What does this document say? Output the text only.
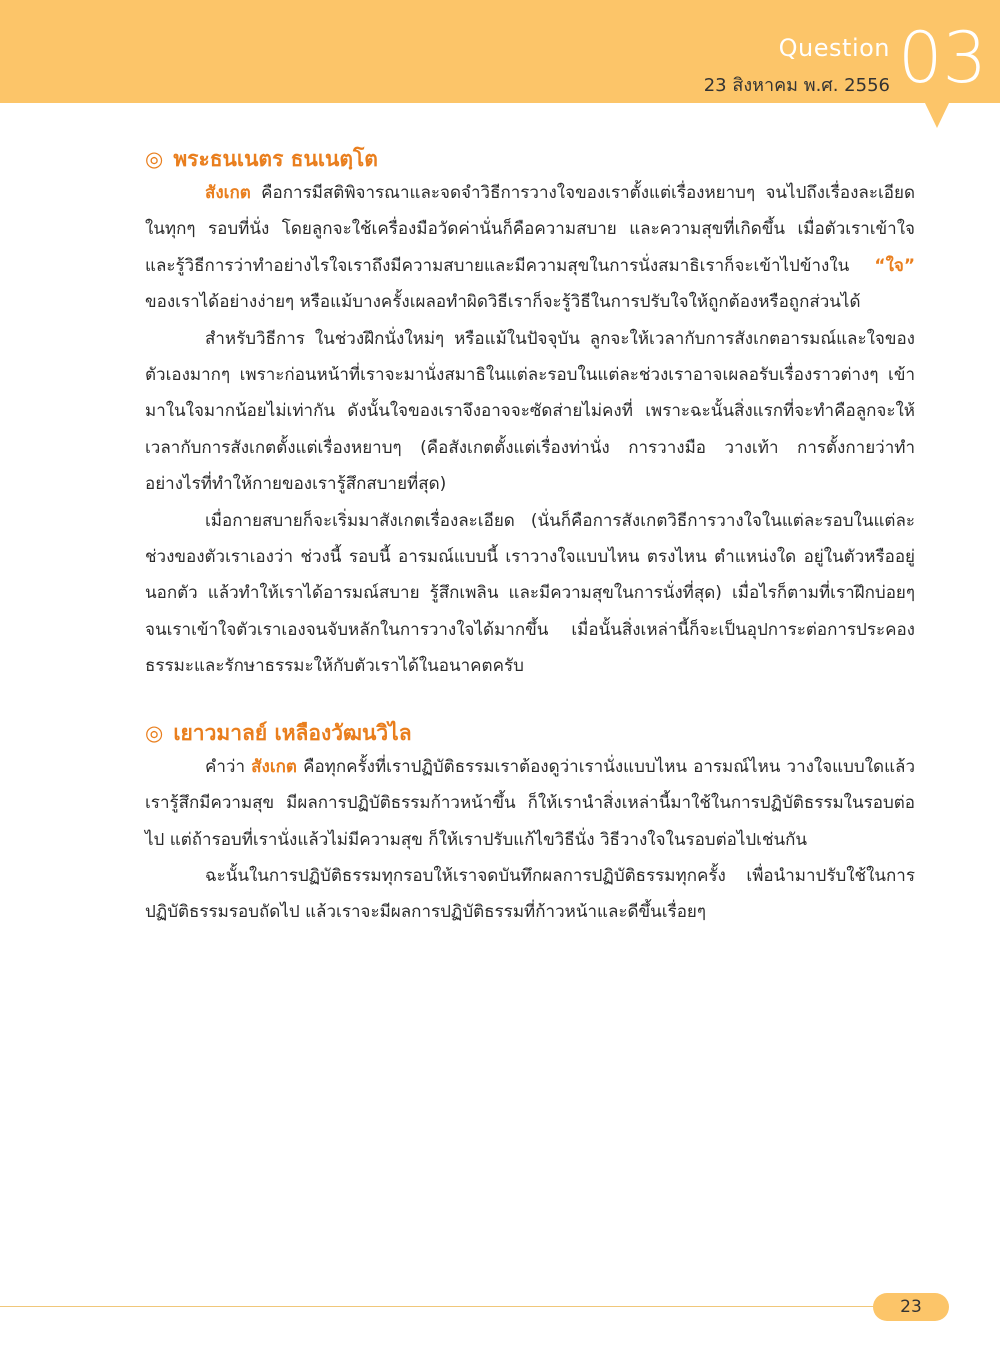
Question
23 สิงหาคม พ.ศ. 2556 03
◎ พระธนเนตร ธนเนตฺโต

สังเกต คือการมีสติพิจารณาและจดจำวิธีการวางใจของเราตั้งแต่เรื่องหยาบๆ จนไปถึงเรื่องละเอียดในทุกๆ รอบที่นั่ง โดยลูกจะใช้เครื่องมือวัดค่านั่นก็คือความสบาย และความสุขที่เกิดขึ้น เมื่อตัวเราเข้าใจและรู้วิธีการว่าทำอย่างไรใจเราถึงมีความสบายและมีความสุขในการนั่งสมาธิเราก็จะเข้าไปข้างใน “ใจ” ของเราได้อย่างง่ายๆ หรือแม้บางครั้งเผลอทำผิดวิธีเราก็จะรู้วิธีในการปรับใจให้ถูกต้องหรือถูกส่วนได้

สำหรับวิธีการ ในช่วงฝึกนั่งใหม่ๆ หรือแม้ในปัจจุบัน ลูกจะให้เวลากับการสังเกตอารมณ์และใจของตัวเองมากๆ เพราะก่อนหน้าที่เราจะมานั่งสมาธิในแต่ละรอบในแต่ละช่วงเราอาจเผลอรับเรื่องราวต่างๆ เข้ามาในใจมากน้อยไม่เท่ากัน ดังนั้นใจของเราจึงอาจจะซัดส่ายไม่คงที่ เพราะฉะนั้นสิ่งแรกที่จะทำคือลูกจะให้เวลากับการสังเกตตั้งแต่เรื่องหยาบๆ (คือสังเกตตั้งแต่เรื่องท่านั่ง การวางมือ วางเท้า การตั้งกายว่าทำอย่างไรที่ทำให้กายของเรารู้สึกสบายที่สุด)

เมื่อกายสบายก็จะเริ่มมาสังเกตเรื่องละเอียด (นั่นก็คือการสังเกตวิธีการวางใจในแต่ละรอบในแต่ละช่วงของตัวเราเองว่า ช่วงนี้ รอบนี้ อารมณ์แบบนี้ เราวางใจแบบไหน ตรงไหน ตำแหน่งใด อยู่ในตัวหรืออยู่นอกตัว แล้วทำให้เราได้อารมณ์สบาย รู้สึกเพลิน และมีความสุขในการนั่งที่สุด) เมื่อไรก็ตามที่เราฝึกบ่อยๆ จนเราเข้าใจตัวเราเองจนจับหลักในการวางใจได้มากขึ้น เมื่อนั้นสิ่งเหล่านี้ก็จะเป็นอุปการะต่อการประคองธรรมะและรักษาธรรมะให้กับตัวเราได้ในอนาคตครับ

◎ เยาวมาลย์ เหลืองวัฒนวิไล

คำว่า สังเกต คือทุกครั้งที่เราปฏิบัติธรรมเราต้องดูว่าเรานั่งแบบไหน อารมณ์ไหน วางใจแบบใดแล้วเรารู้สึกมีความสุข มีผลการปฏิบัติธรรมก้าวหน้าขึ้น ก็ให้เรานำสิ่งเหล่านี้มาใช้ในการปฏิบัติธรรมในรอบต่อไป แต่ถ้ารอบที่เรานั่งแล้วไม่มีความสุข ก็ให้เราปรับแก้ไขวิธีนั่ง วิธีวางใจในรอบต่อไปเช่นกัน

ฉะนั้นในการปฏิบัติธรรมทุกรอบให้เราจดบันทึกผลการปฏิบัติธรรมทุกครั้ง เพื่อนำมาปรับใช้ในการปฏิบัติธรรมรอบถัดไป แล้วเราจะมีผลการปฏิบัติธรรมที่ก้าวหน้าและดีขึ้นเรื่อยๆ

23
